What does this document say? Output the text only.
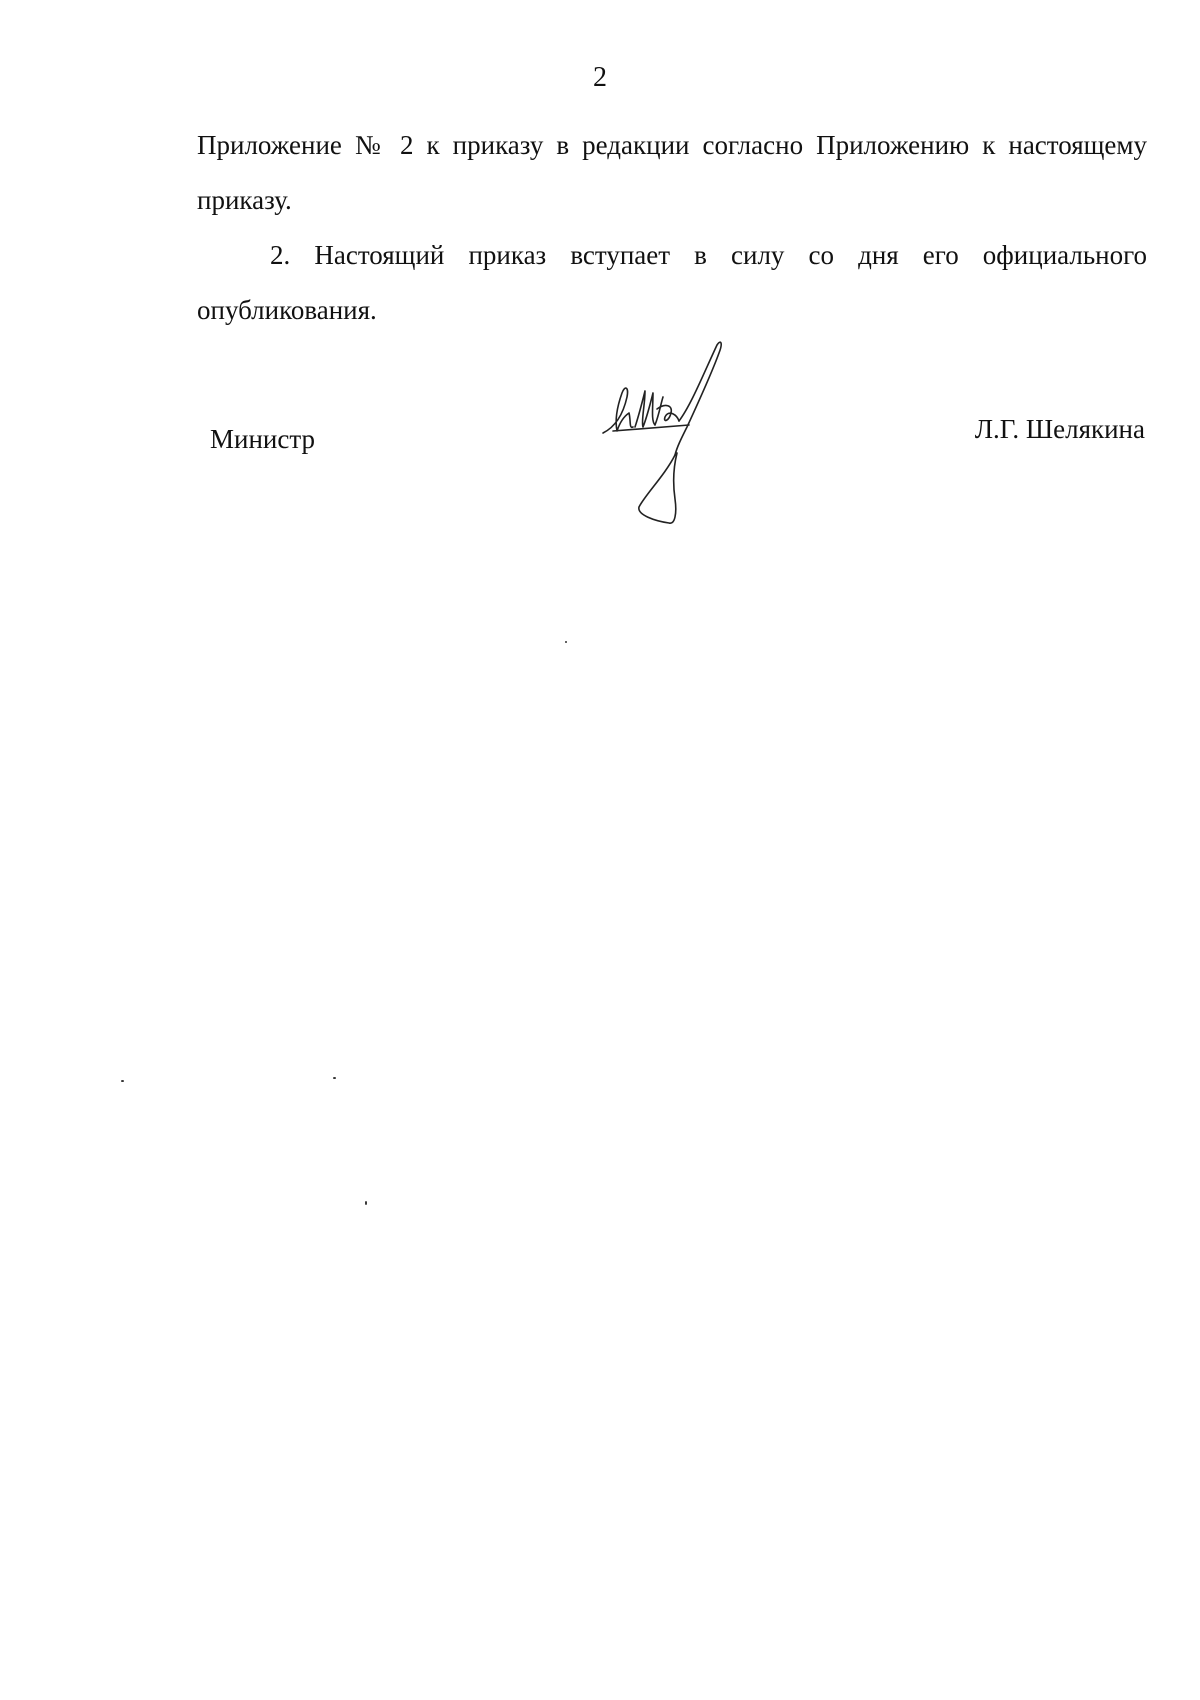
2

Приложение № 2 к приказу в редакции согласно Приложению к настоящему приказу.

2. Настоящий приказ вступает в силу со дня его официального опубликования.

Министр	Л.Г. Шелякина
